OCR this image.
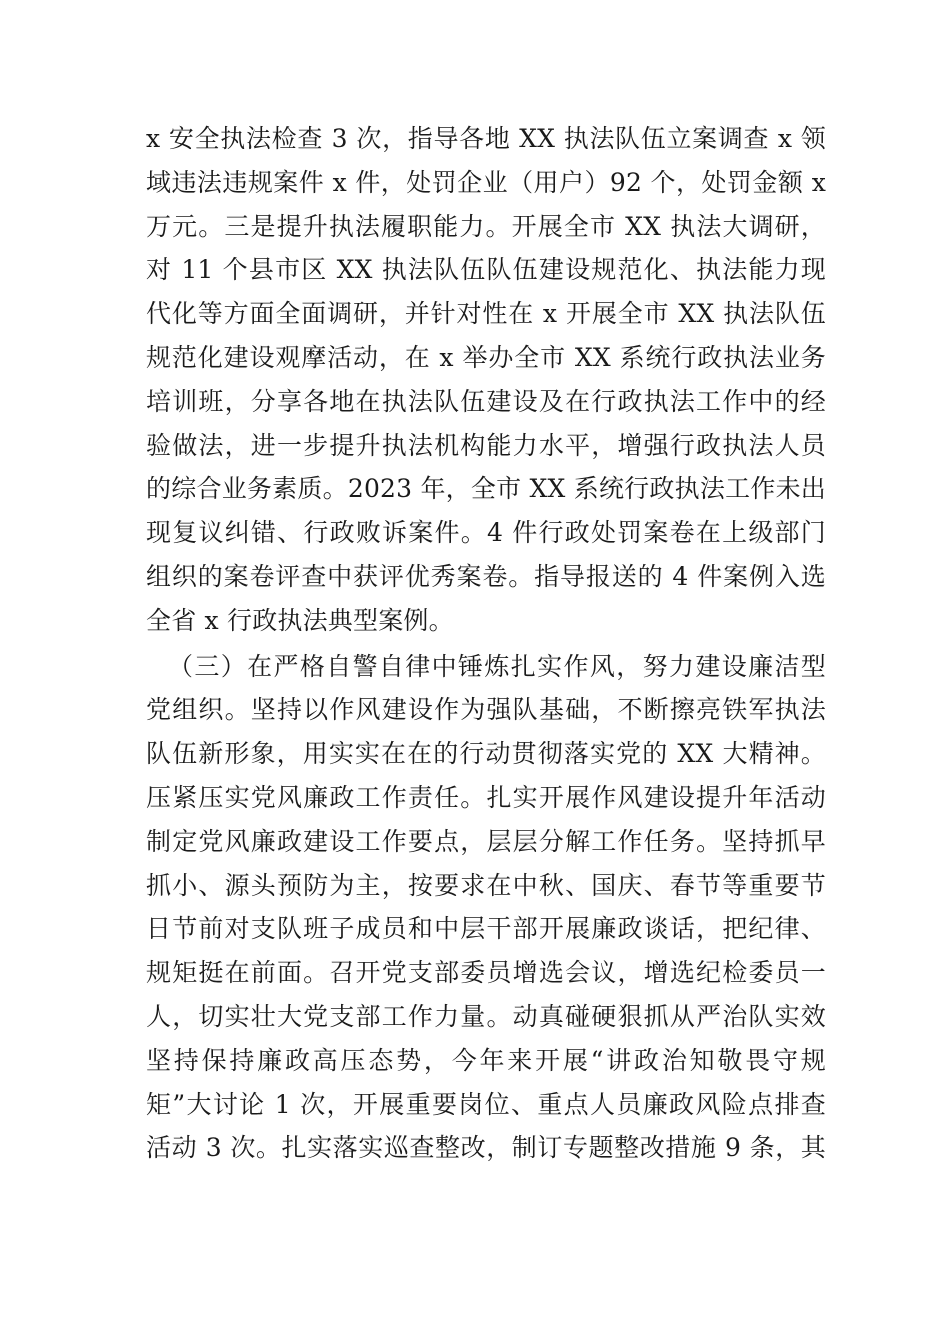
x 安全执法检查 3 次，指导各地 XX 执法队伍立案调查 x 领
域违法违规案件 x 件，处罚企业（用户）92 个，处罚金额 x
万元。三是提升执法履职能力。开展全市 XX 执法大调研，
对 11 个县市区 XX 执法队伍队伍建设规范化、执法能力现
代化等方面全面调研，并针对性在 x 开展全市 XX 执法队伍
规范化建设观摩活动，在 x 举办全市 XX 系统行政执法业务
培训班，分享各地在执法队伍建设及在行政执法工作中的经
验做法，进一步提升执法机构能力水平，增强行政执法人员
的综合业务素质。2023 年，全市 XX 系统行政执法工作未出
现复议纠错、行政败诉案件。4 件行政处罚案卷在上级部门
组织的案卷评查中获评优秀案卷。指导报送的 4 件案例入选
全省 x 行政执法典型案例。
（三）在严格自警自律中锤炼扎实作风，努力建设廉洁型
党组织。坚持以作风建设作为强队基础，不断擦亮铁军执法
队伍新形象，用实实在在的行动贯彻落实党的 XX 大精神。
压紧压实党风廉政工作责任。扎实开展作风建设提升年活动
制定党风廉政建设工作要点，层层分解工作任务。坚持抓早
抓小、源头预防为主，按要求在中秋、国庆、春节等重要节
日节前对支队班子成员和中层干部开展廉政谈话，把纪律、
规矩挺在前面。召开党支部委员增选会议，增选纪检委员一
人，切实壮大党支部工作力量。动真碰硬狠抓从严治队实效
坚持保持廉政高压态势，今年来开展“讲政治知敬畏守规
矩”大讨论 1 次，开展重要岗位、重点人员廉政风险点排查
活动 3 次。扎实落实巡查整改，制订专题整改措施 9 条，其
